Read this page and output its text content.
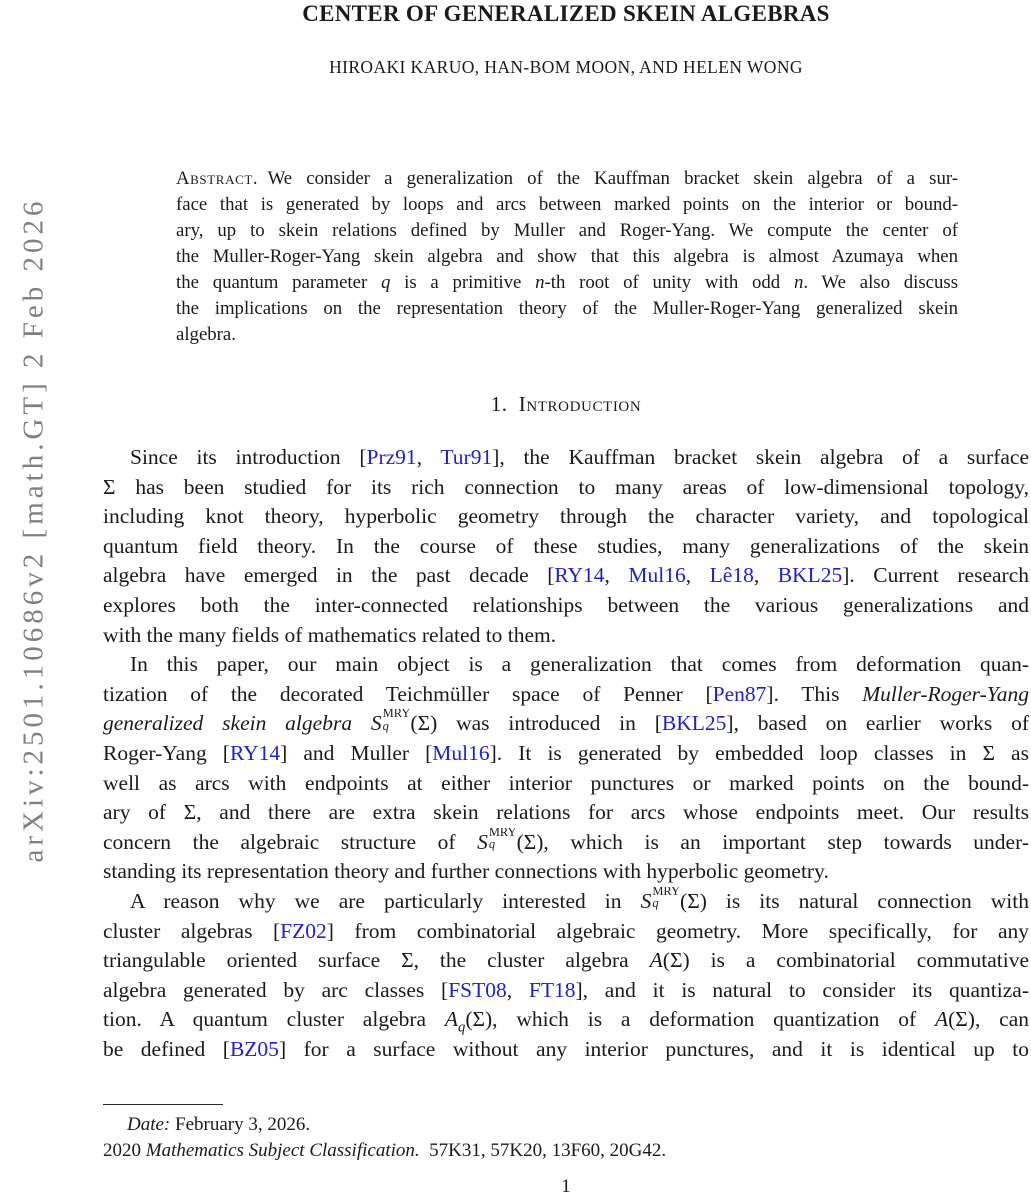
arXiv:2501.10686v2 [math.GT] 2 Feb 2026
CENTER OF GENERALIZED SKEIN ALGEBRAS
HIROAKI KARUO, HAN-BOM MOON, AND HELEN WONG
Abstract. We consider a generalization of the Kauffman bracket skein algebra of a sur-
face that is generated by loops and arcs between marked points on the interior or bound-
ary, up to skein relations defined by Muller and Roger-Yang. We compute the center of
the Muller-Roger-Yang skein algebra and show that this algebra is almost Azumaya when
the quantum parameter q is a primitive n-th root of unity with odd n. We also discuss
the implications on the representation theory of the Muller-Roger-Yang generalized skein
algebra.
1.  Introduction
Since its introduction [Prz91, Tur91], the Kauffman bracket skein algebra of a surface
Σ has been studied for its rich connection to many areas of low-dimensional topology,
including knot theory, hyperbolic geometry through the character variety, and topological
quantum field theory. In the course of these studies, many generalizations of the skein
algebra have emerged in the past decade [RY14, Mul16, Lê18, BKL25]. Current research
explores both the inter-connected relationships between the various generalizations and
with the many fields of mathematics related to them.
In this paper, our main object is a generalization that comes from deformation quan-
tization of the decorated Teichmüller space of Penner [Pen87]. This Muller-Roger-Yang
generalized skein algebra S MRY
q	(Σ) was introduced in [BKL25], based on earlier works of
Roger-Yang [RY14] and Muller [Mul16]. It is generated by embedded loop classes in Σ as
well as arcs with endpoints at either interior punctures or marked points on the bound-
ary of Σ, and there are extra skein relations for arcs whose endpoints meet. Our results
concern the algebraic structure of S MRY
q	(Σ), which is an important step towards under-
standing its representation theory and further connections with hyperbolic geometry.
A reason why we are particularly interested in S MRY
q	(Σ) is its natural connection with
cluster algebras [FZ02] from combinatorial algebraic geometry. More specifically, for any
triangulable oriented surface Σ, the cluster algebra A(Σ) is a combinatorial commutative
algebra generated by arc classes [FST08, FT18], and it is natural to consider its quantiza-
tion. A quantum cluster algebra $A_q(\Sigma)$, which is a deformation quantization of A(Σ), can
be defined [BZ05] for a surface without any interior punctures, and it is identical up to
Date: February 3, 2026.
2020 Mathematics Subject Classification. 57K31, 57K20, 13F60, 20G42.
1
